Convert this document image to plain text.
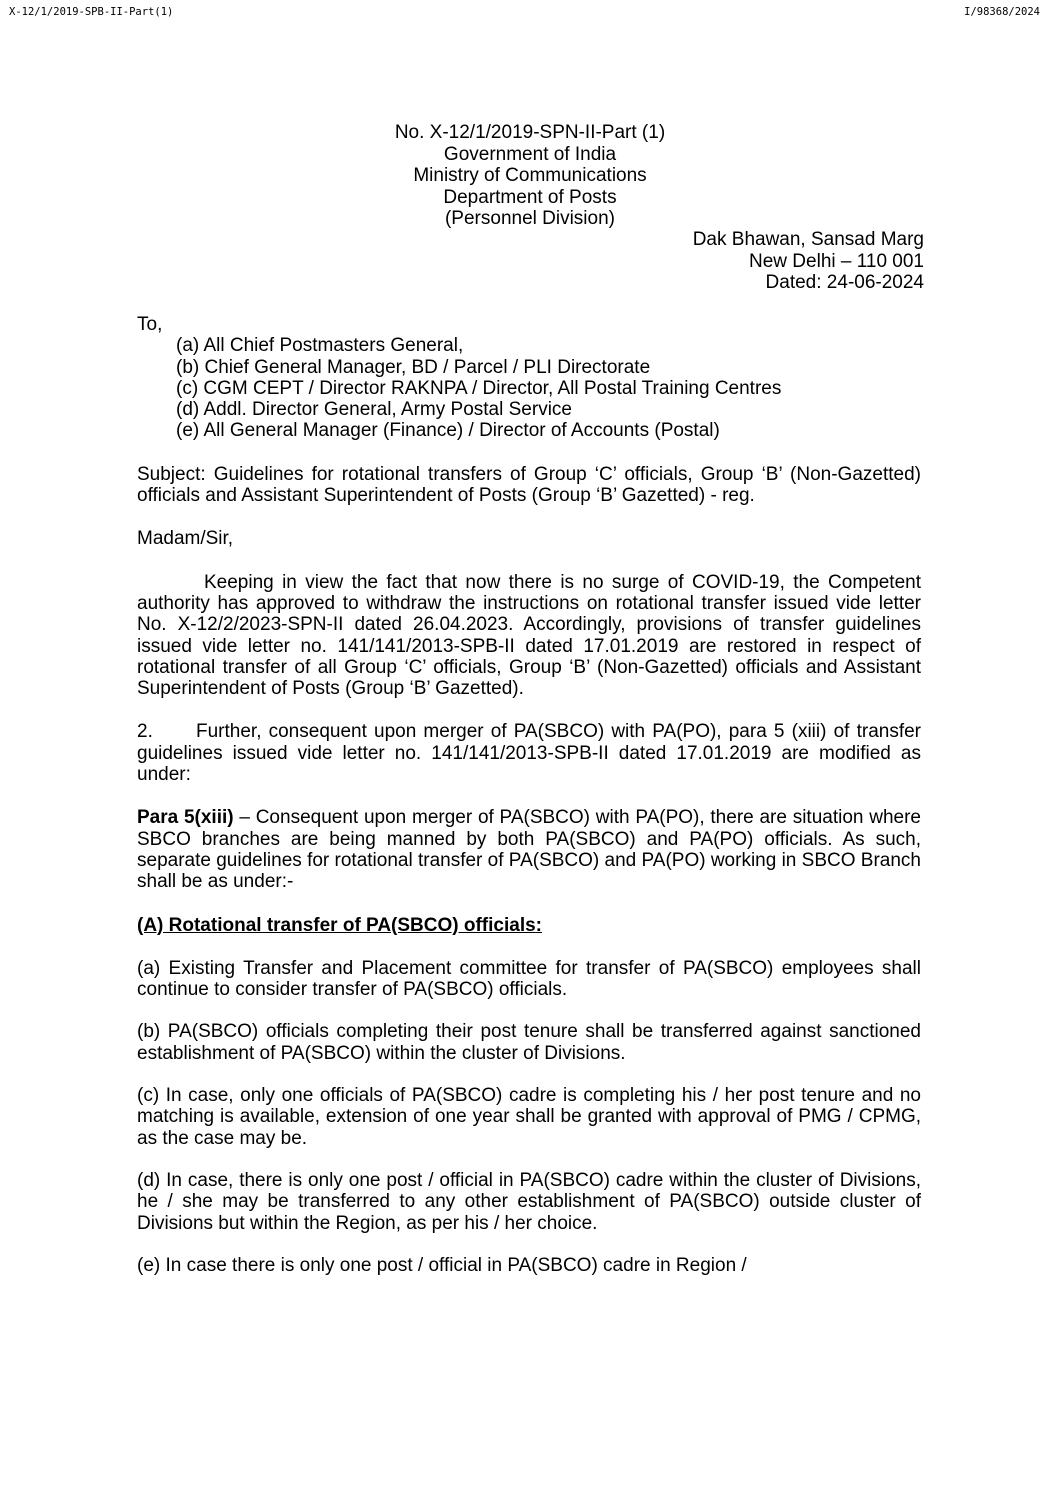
X-12/1/2019-SPB-II-Part(1)	I/98368/2024
No. X-12/1/2019-SPN-II-Part (1)
Government of India
Ministry of Communications
Department of Posts
(Personnel Division)
Dak Bhawan, Sansad Marg
New Delhi – 110 001
Dated: 24-06-2024

To,

(a) All Chief Postmasters General,
(b) Chief General Manager, BD / Parcel / PLI Directorate
(c) CGM CEPT / Director RAKNPA / Director, All Postal Training Centres
(d) Addl. Director General, Army Postal Service
(e) All General Manager (Finance) / Director of Accounts (Postal)

Subject: Guidelines for rotational transfers of Group ‘C’ officials, Group ‘B’ (Non-Gazetted) officials and Assistant Superintendent of Posts (Group ‘B’ Gazetted) - reg.

Madam/Sir,

Keeping in view the fact that now there is no surge of COVID-19, the Competent authority has approved to withdraw the instructions on rotational transfer issued vide letter No. X-12/2/2023-SPN-II dated 26.04.2023. Accordingly, provisions of transfer guidelines issued vide letter no. 141/141/2013-SPB-II dated 17.01.2019 are restored in respect of rotational transfer of all Group ‘C’ officials, Group ‘B’ (Non-Gazetted) officials and Assistant Superintendent of Posts (Group ‘B’ Gazetted).

2. Further, consequent upon merger of PA(SBCO) with PA(PO), para 5 (xiii) of transfer guidelines issued vide letter no. 141/141/2013-SPB-II dated 17.01.2019 are modified as under:

Para 5(xiii) – Consequent upon merger of PA(SBCO) with PA(PO), there are situation where SBCO branches are being manned by both PA(SBCO) and PA(PO) officials. As such, separate guidelines for rotational transfer of PA(SBCO) and PA(PO) working in SBCO Branch shall be as under:-

(A) Rotational transfer of PA(SBCO) officials:

(a) Existing Transfer and Placement committee for transfer of PA(SBCO) employees shall continue to consider transfer of PA(SBCO) officials.

(b) PA(SBCO) officials completing their post tenure shall be transferred against sanctioned establishment of PA(SBCO) within the cluster of Divisions.

(c) In case, only one officials of PA(SBCO) cadre is completing his / her post tenure and no matching is available, extension of one year shall be granted with approval of PMG / CPMG, as the case may be.

(d) In case, there is only one post / official in PA(SBCO) cadre within the cluster of Divisions, he / she may be transferred to any other establishment of PA(SBCO) outside cluster of Divisions but within the Region, as per his / her choice.

(e) In case there is only one post / official in PA(SBCO) cadre in Region /
